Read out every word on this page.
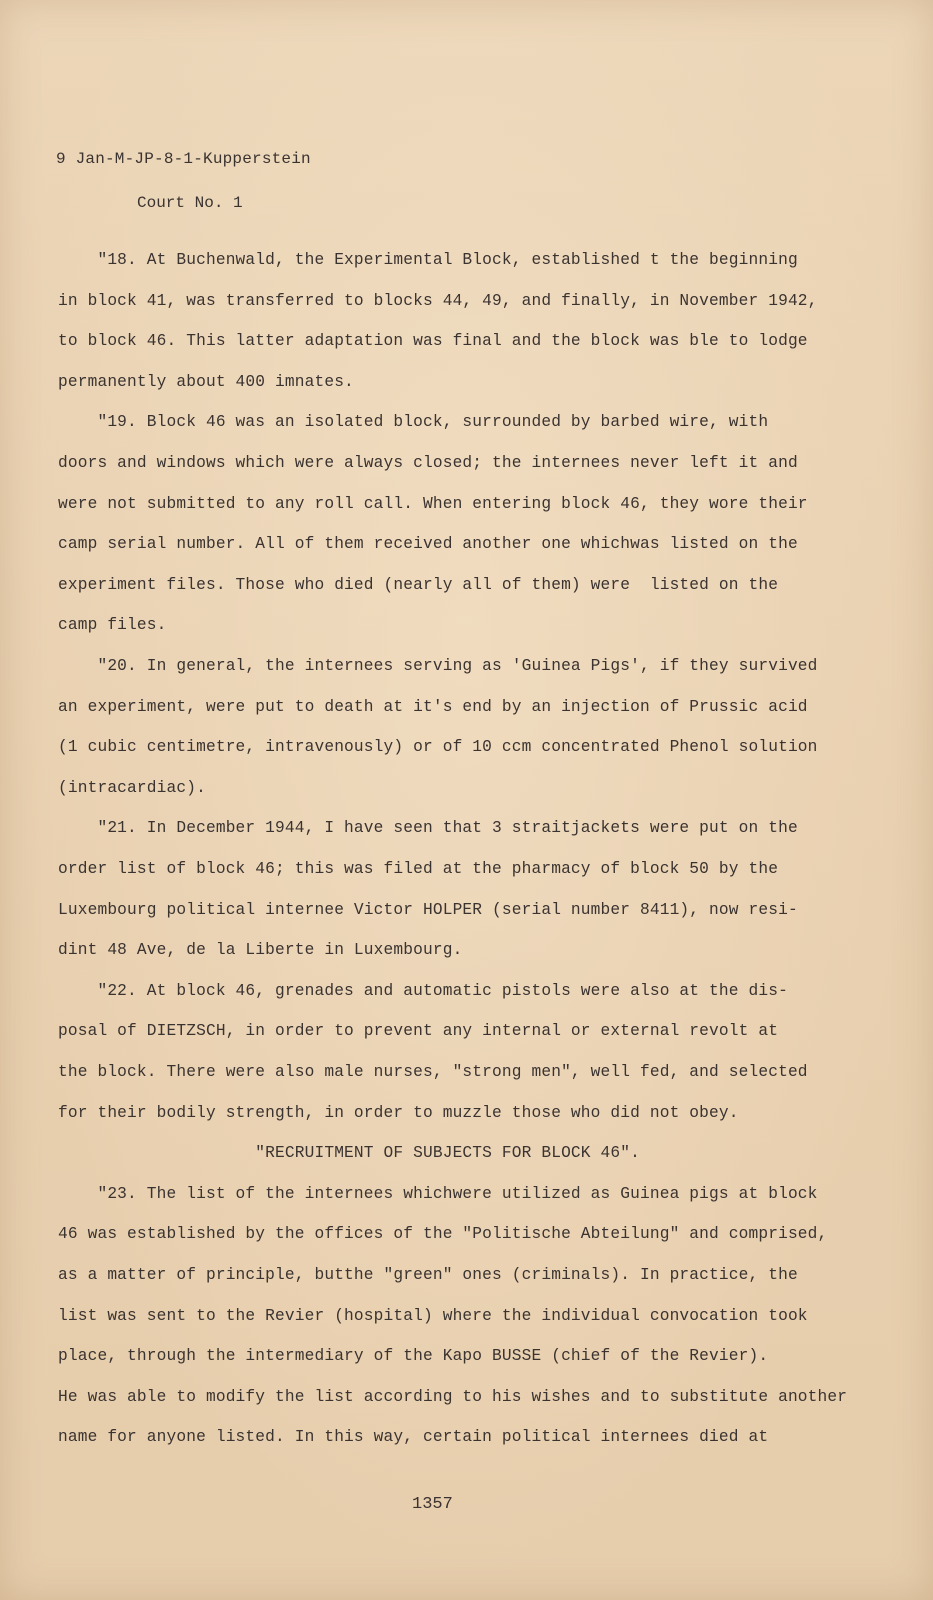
9 Jan-M-JP-8-1-Kupperstein
Court No. 1
"18. At Buchenwald, the Experimental Block, established t the beginning
in block 41, was transferred to blocks 44, 49, and finally, in November 1942,
to block 46. This latter adaptation was final and the block was ble to lodge
permanently about 400 imnates.
"19. Block 46 was an isolated block, surrounded by barbed wire, with
doors and windows which were always closed; the internees never left it and
were not submitted to any roll call. When entering block 46, they wore their
camp serial number. All of them received another one whichwas listed on the
experiment files. Those who died (nearly all of them) were  listed on the
camp files.
"20. In general, the internees serving as 'Guinea Pigs', if they survived
an experiment, were put to death at it's end by an injection of Prussic acid
(1 cubic centimetre, intravenously) or of 10 ccm concentrated Phenol solution
(intracardiac).
"21. In December 1944, I have seen that 3 straitjackets were put on the
order list of block 46; this was filed at the pharmacy of block 50 by the
Luxembourg political internee Victor HOLPER (serial number 8411), now resi-
dint 48 Ave, de la Liberte in Luxembourg.
"22. At block 46, grenades and automatic pistols were also at the dis-
posal of DIETZSCH, in order to prevent any internal or external revolt at
the block. There were also male nurses, "strong men", well fed, and selected
for their bodily strength, in order to muzzle those who did not obey.
"RECRUITMENT OF SUBJECTS FOR BLOCK 46".
"23. The list of the internees whichwere utilized as Guinea pigs at block
46 was established by the offices of the "Politische Abteilung" and comprised,
as a matter of principle, butthe "green" ones (criminals). In practice, the
list was sent to the Revier (hospital) where the individual convocation took
place, through the intermediary of the Kapo BUSSE (chief of the Revier).
He was able to modify the list according to his wishes and to substitute another
name for anyone listed. In this way, certain political internees died at
1357
